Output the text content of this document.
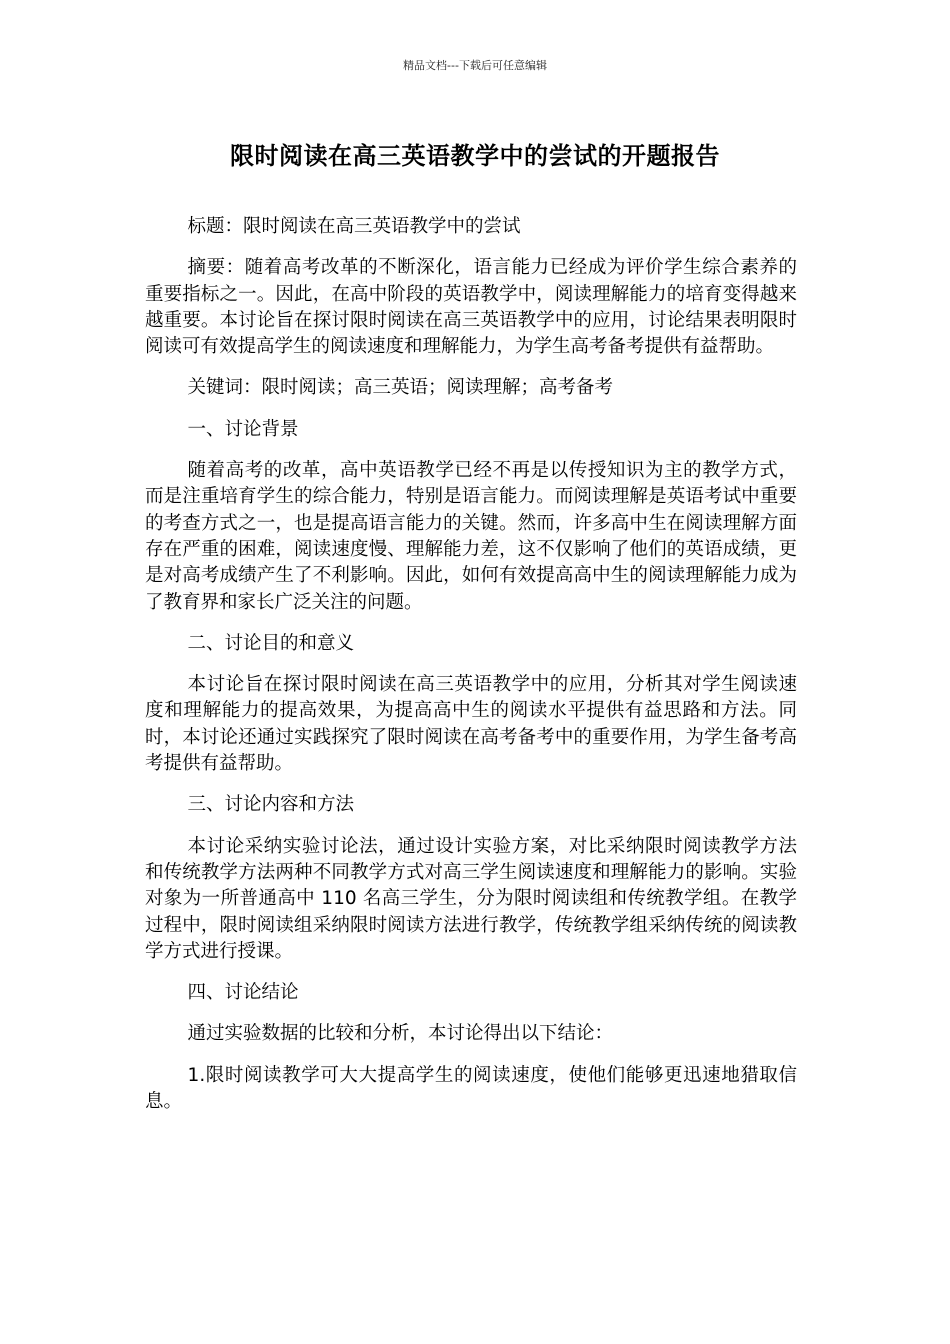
精品文档---下载后可任意编辑
限时阅读在高三英语教学中的尝试的开题报告

标题：限时阅读在高三英语教学中的尝试

摘要：随着高考改革的不断深化，语言能力已经成为评价学生综合素养的重要指标之一。因此，在高中阶段的英语教学中，阅读理解能力的培育变得越来越重要。本讨论旨在探讨限时阅读在高三英语教学中的应用，讨论结果表明限时阅读可有效提高学生的阅读速度和理解能力，为学生高考备考提供有益帮助。

关键词：限时阅读；高三英语；阅读理解；高考备考

一、讨论背景

随着高考的改革，高中英语教学已经不再是以传授知识为主的教学方式，而是注重培育学生的综合能力，特别是语言能力。而阅读理解是英语考试中重要的考查方式之一，也是提高语言能力的关键。然而，许多高中生在阅读理解方面存在严重的困难，阅读速度慢、理解能力差，这不仅影响了他们的英语成绩，更是对高考成绩产生了不利影响。因此，如何有效提高高中生的阅读理解能力成为了教育界和家长广泛关注的问题。

二、讨论目的和意义

本讨论旨在探讨限时阅读在高三英语教学中的应用，分析其对学生阅读速度和理解能力的提高效果，为提高高中生的阅读水平提供有益思路和方法。同时，本讨论还通过实践探究了限时阅读在高考备考中的重要作用，为学生备考高考提供有益帮助。

三、讨论内容和方法

本讨论采纳实验讨论法，通过设计实验方案，对比采纳限时阅读教学方法和传统教学方法两种不同教学方式对高三学生阅读速度和理解能力的影响。实验对象为一所普通高中 110 名高三学生，分为限时阅读组和传统教学组。在教学过程中，限时阅读组采纳限时阅读方法进行教学，传统教学组采纳传统的阅读教学方式进行授课。

四、讨论结论

通过实验数据的比较和分析，本讨论得出以下结论：

1.限时阅读教学可大大提高学生的阅读速度，使他们能够更迅速地猎取信息。
